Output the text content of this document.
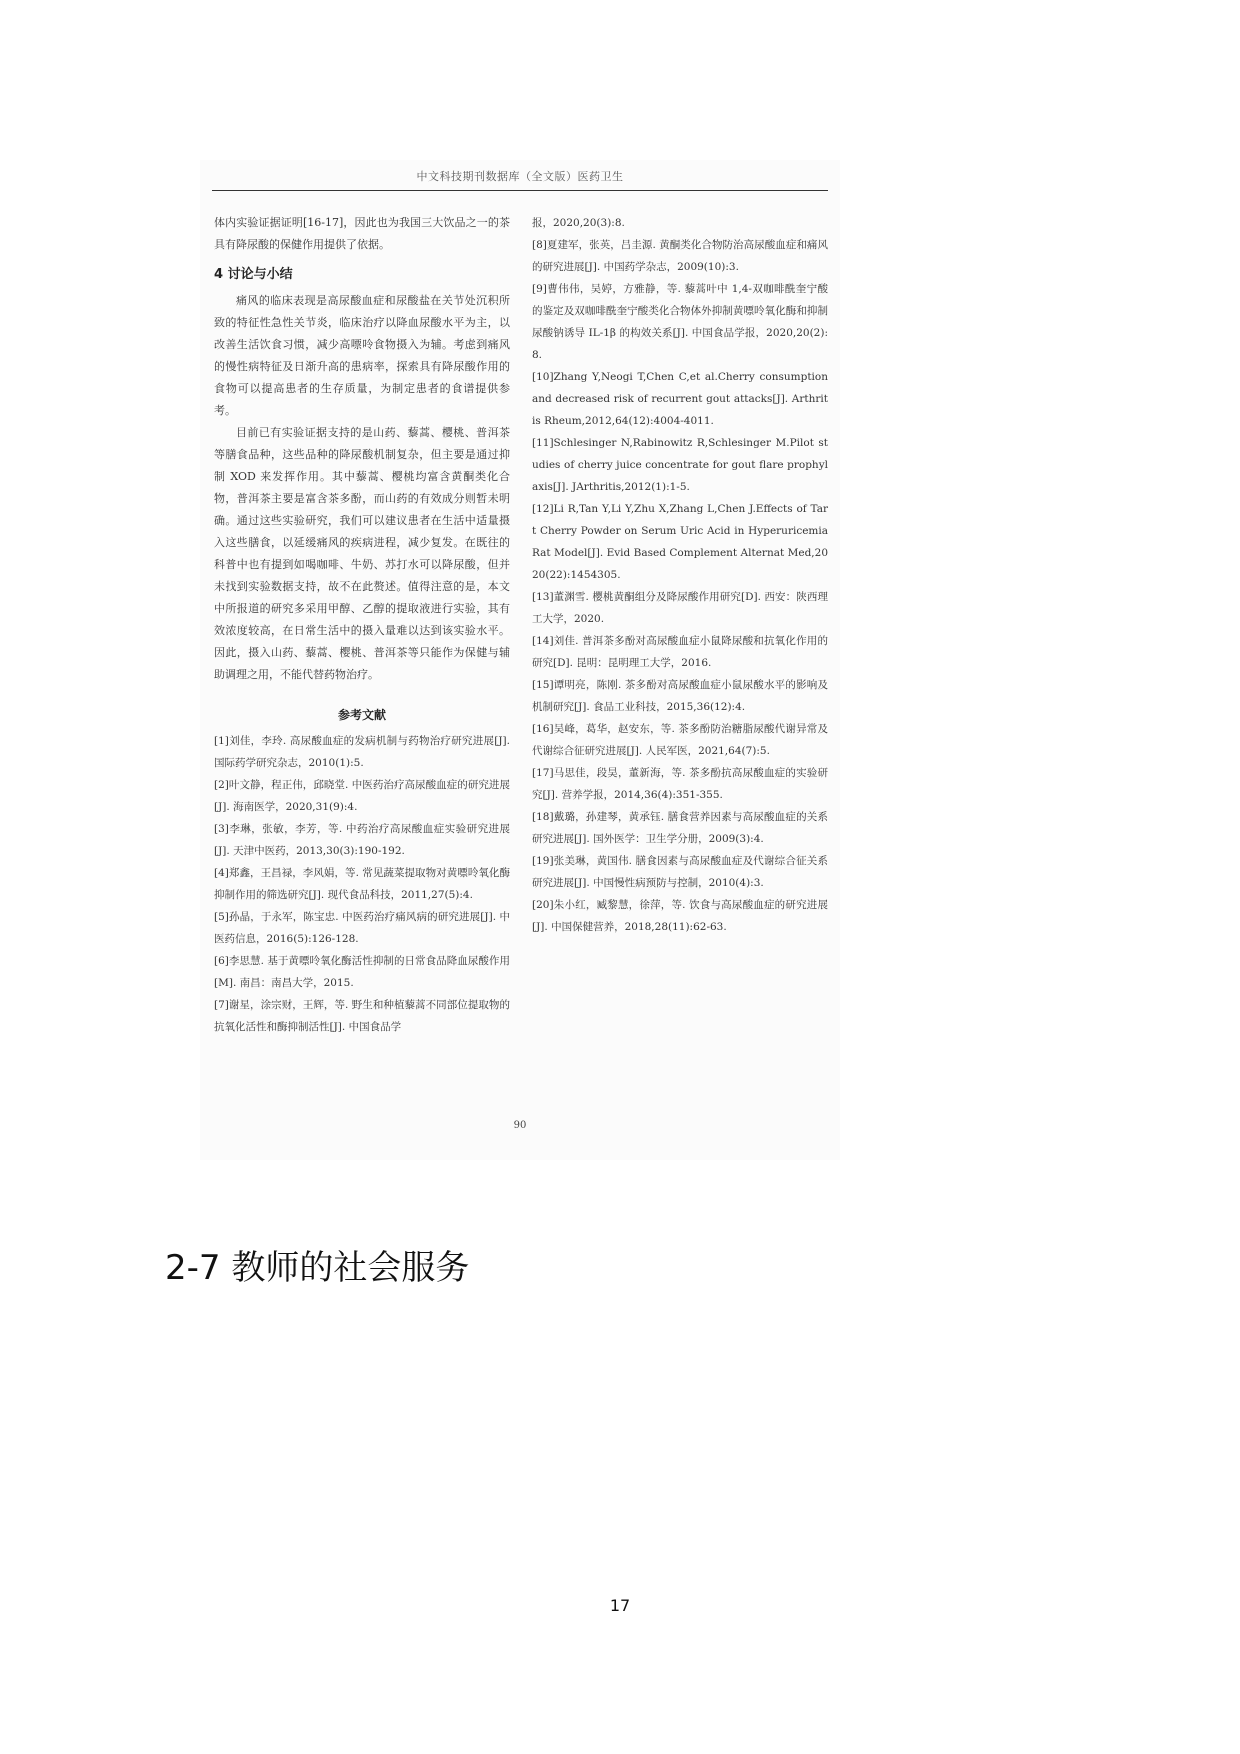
中文科技期刊数据库（全文版）医药卫生

体内实验证据证明[16-17]，因此也为我国三大饮品之一的茶具有降尿酸的保健作用提供了依据。

4 讨论与小结

痛风的临床表现是高尿酸血症和尿酸盐在关节处沉积所致的特征性急性关节炎，临床治疗以降血尿酸水平为主，以改善生活饮食习惯，减少高嘌呤食物摄入为辅。考虑到痛风的慢性病特征及日渐升高的患病率，探索具有降尿酸作用的食物可以提高患者的生存质量，为制定患者的食谱提供参考。

目前已有实验证据支持的是山药、藜蒿、樱桃、普洱茶等膳食品种，这些品种的降尿酸机制复杂，但主要是通过抑制 XOD 来发挥作用。其中藜蒿、樱桃均富含黄酮类化合物，普洱茶主要是富含茶多酚，而山药的有效成分则暂未明确。通过这些实验研究，我们可以建议患者在生活中适量摄入这些膳食，以延缓痛风的疾病进程，减少复发。在既往的科普中也有提到如喝咖啡、牛奶、苏打水可以降尿酸，但并未找到实验数据支持，故不在此赘述。值得注意的是，本文中所报道的研究多采用甲醇、乙醇的提取液进行实验，其有效浓度较高，在日常生活中的摄入量难以达到该实验水平。因此，摄入山药、藜蒿、樱桃、普洱茶等只能作为保健与辅助调理之用，不能代替药物治疗。

参考文献

[1]刘佳，李玲. 高尿酸血症的发病机制与药物治疗研究进展[J]. 国际药学研究杂志，2010(1):5.

[2]叶文静，程正伟，邱晓堂. 中医药治疗高尿酸血症的研究进展[J]. 海南医学，2020,31(9):4.

[3]李琳，张敏，李芳，等. 中药治疗高尿酸血症实验研究进展[J]. 天津中医药，2013,30(3):190-192.

[4]郑鑫，王昌禄，李风娟，等. 常见蔬菜提取物对黄嘌呤氧化酶抑制作用的筛选研究[J]. 现代食品科技，2011,27(5):4.

[5]孙晶，于永军，陈宝忠. 中医药治疗痛风病的研究进展[J]. 中医药信息，2016(5):126-128.

[6]李思慧. 基于黄嘌呤氧化酶活性抑制的日常食品降血尿酸作用[M]. 南昌：南昌大学，2015.

[7]谢星，涂宗财，王辉，等. 野生和种植藜蒿不同部位提取物的抗氧化活性和酶抑制活性[J]. 中国食品学

报，2020,20(3):8.

[8]夏建军，张英，吕圭源. 黄酮类化合物防治高尿酸血症和痛风的研究进展[J]. 中国药学杂志，2009(10):3.

[9]曹伟伟，吴婷，方雅静，等. 藜蒿叶中 1,4-双咖啡酰奎宁酸的鉴定及双咖啡酰奎宁酸类化合物体外抑制黄嘌呤氧化酶和抑制尿酸钠诱导 IL-1β 的构效关系[J]. 中国食品学报，2020,20(2):8.

[10]Zhang Y,Neogi T,Chen C,et al.Cherry consumption and decreased risk of recurrent gout attacks[J]. Arthritis Rheum,2012,64(12):4004-4011.

[11]Schlesinger N,Rabinowitz R,Schlesinger M.Pilot studies of cherry juice concentrate for gout flare prophylaxis[J]. JArthritis,2012(1):1-5.

[12]Li R,Tan Y,Li Y,Zhu X,Zhang L,Chen J.Effects of Tart Cherry Powder on Serum Uric Acid in Hyperuricemia Rat Model[J]. Evid Based Complement Alternat Med,2020(22):1454305.

[13]董渊雪. 樱桃黄酮组分及降尿酸作用研究[D]. 西安：陕西理工大学，2020.

[14]刘佳. 普洱茶多酚对高尿酸血症小鼠降尿酸和抗氧化作用的研究[D]. 昆明：昆明理工大学，2016.

[15]谭明亮，陈刚. 茶多酚对高尿酸血症小鼠尿酸水平的影响及机制研究[J]. 食品工业科技，2015,36(12):4.

[16]吴峰，葛华，赵安东，等. 茶多酚防治糖脂尿酸代谢异常及代谢综合征研究进展[J]. 人民军医，2021,64(7):5.

[17]马思佳，段昊，董新海，等. 茶多酚抗高尿酸血症的实验研究[J]. 营养学报，2014,36(4):351-355.

[18]戴璐，孙建琴，黄承钰. 膳食营养因素与高尿酸血症的关系研究进展[J]. 国外医学：卫生学分册，2009(3):4.

[19]张美琳，黄国伟. 膳食因素与高尿酸血症及代谢综合征关系研究进展[J]. 中国慢性病预防与控制，2010(4):3.

[20]朱小红，臧黎慧，徐萍，等. 饮食与高尿酸血症的研究进展[J]. 中国保健营养，2018,28(11):62-63.

90
2-7 教师的社会服务
17
